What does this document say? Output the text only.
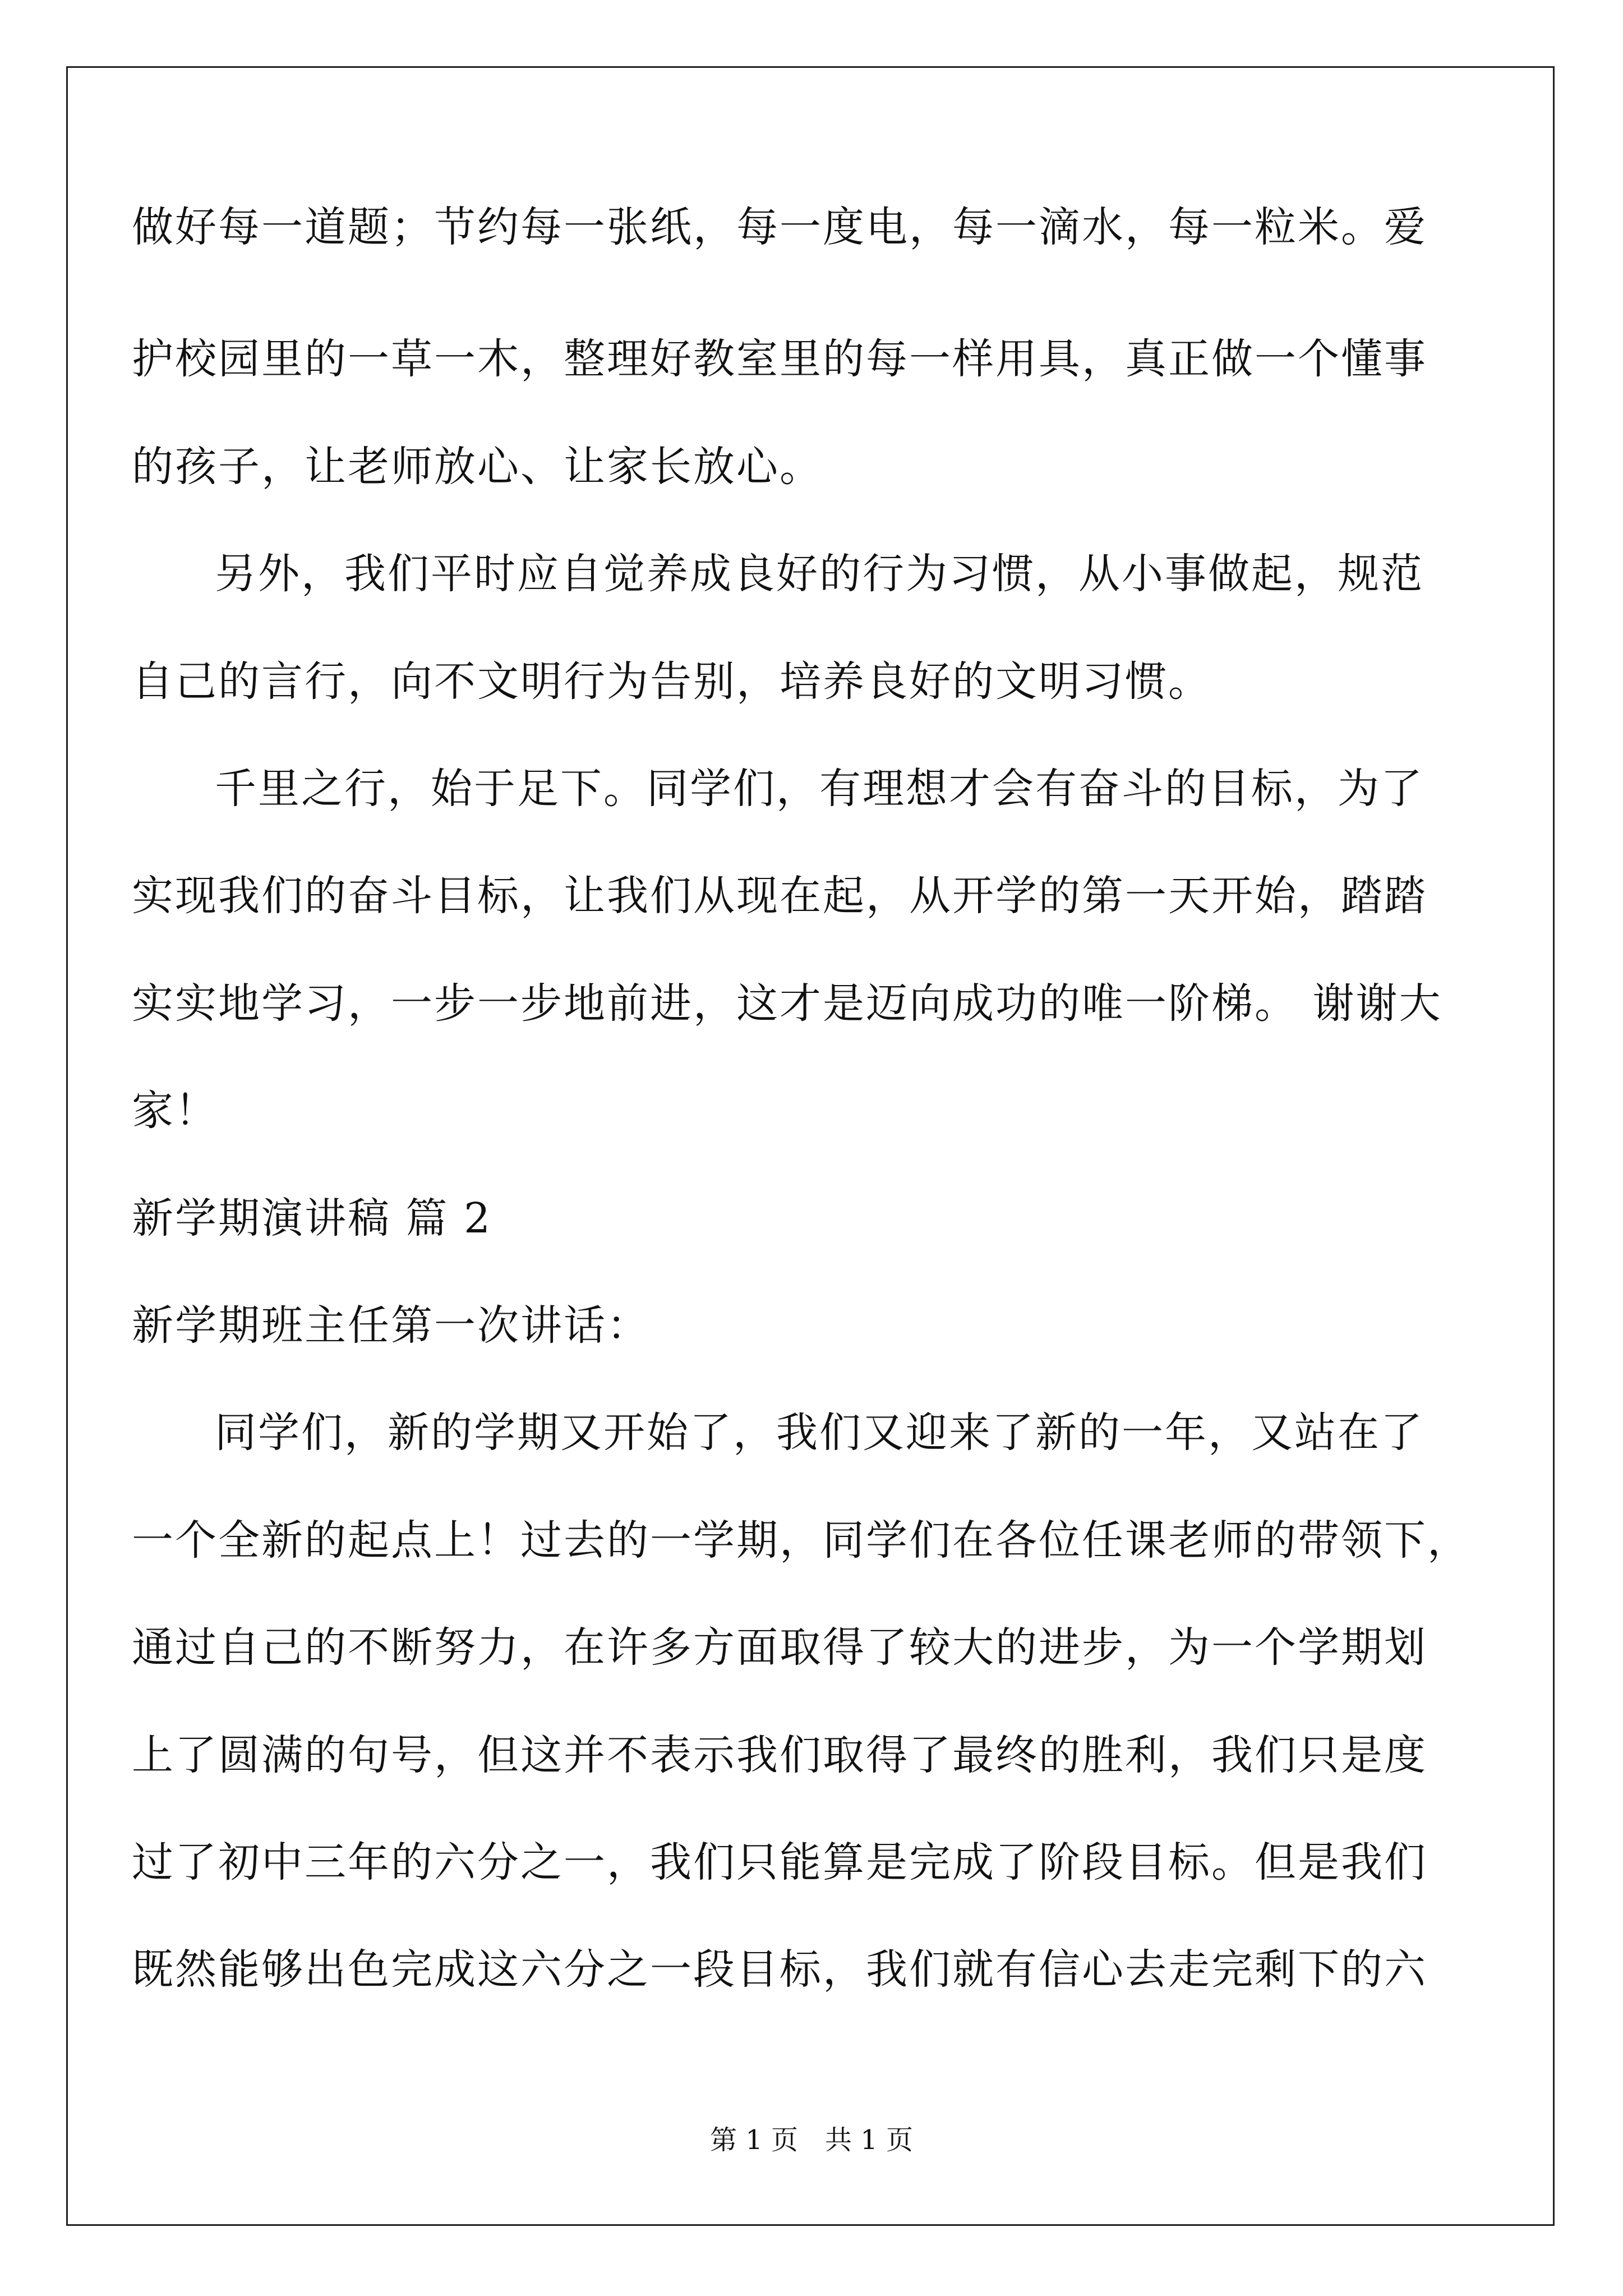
做好每一道题；节约每一张纸，每一度电，每一滴水，每一粒米。爱
护校园里的一草一木，整理好教室里的每一样用具，真正做一个懂事
的孩子，让老师放心、让家长放心。
另外，我们平时应自觉养成良好的行为习惯，从小事做起，规范
自己的言行，向不文明行为告别，培养良好的文明习惯。
千里之行，始于足下。同学们，有理想才会有奋斗的目标，为了
实现我们的奋斗目标，让我们从现在起，从开学的第一天开始，踏踏
实实地学习，一步一步地前进，这才是迈向成功的唯一阶梯。 谢谢大
家！
新学期演讲稿 篇 2
新学期班主任第一次讲话：
同学们，新的学期又开始了，我们又迎来了新的一年，又站在了
一个全新的起点上！过去的一学期，同学们在各位任课老师的带领下，
通过自己的不断努力，在许多方面取得了较大的进步，为一个学期划
上了圆满的句号，但这并不表示我们取得了最终的胜利，我们只是度
过了初中三年的六分之一，我们只能算是完成了阶段目标。但是我们
既然能够出色完成这六分之一段目标，我们就有信心去走完剩下的六
第 1 页　共 1 页
